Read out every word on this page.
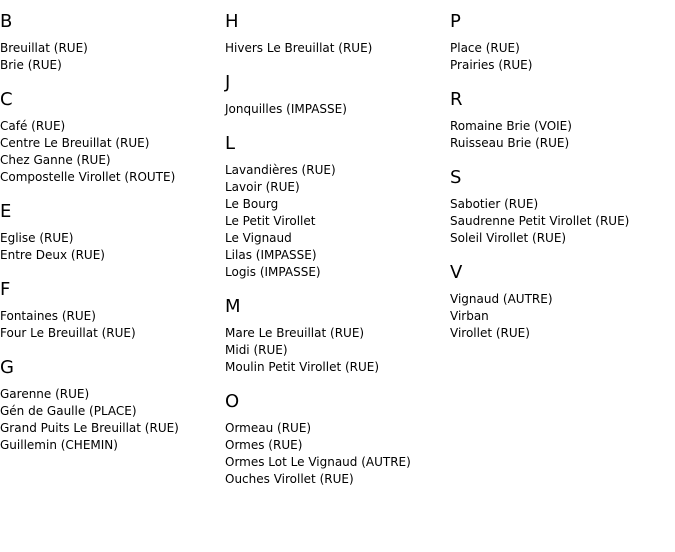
B
Breuillat (RUE)
Brie (RUE)
C
Café (RUE)
Centre Le Breuillat (RUE)
Chez Ganne (RUE)
Compostelle Virollet (ROUTE)
E
Eglise (RUE)
Entre Deux (RUE)
F
Fontaines (RUE)
Four Le Breuillat (RUE)
G
Garenne (RUE)
Gén de Gaulle (PLACE)
Grand Puits Le Breuillat (RUE)
Guillemin (CHEMIN)
H
Hivers Le Breuillat (RUE)
J
Jonquilles (IMPASSE)
L
Lavandières (RUE)
Lavoir (RUE)
Le Bourg
Le Petit Virollet
Le Vignaud
Lilas (IMPASSE)
Logis (IMPASSE)
M
Mare Le Breuillat (RUE)
Midi (RUE)
Moulin Petit Virollet (RUE)
O
Ormeau (RUE)
Ormes (RUE)
Ormes Lot Le Vignaud (AUTRE)
Ouches Virollet (RUE)
P
Place (RUE)
Prairies (RUE)
R
Romaine Brie (VOIE)
Ruisseau Brie (RUE)
S
Sabotier (RUE)
Saudrenne Petit Virollet (RUE)
Soleil Virollet (RUE)
V
Vignaud (AUTRE)
Virban
Virollet (RUE)
